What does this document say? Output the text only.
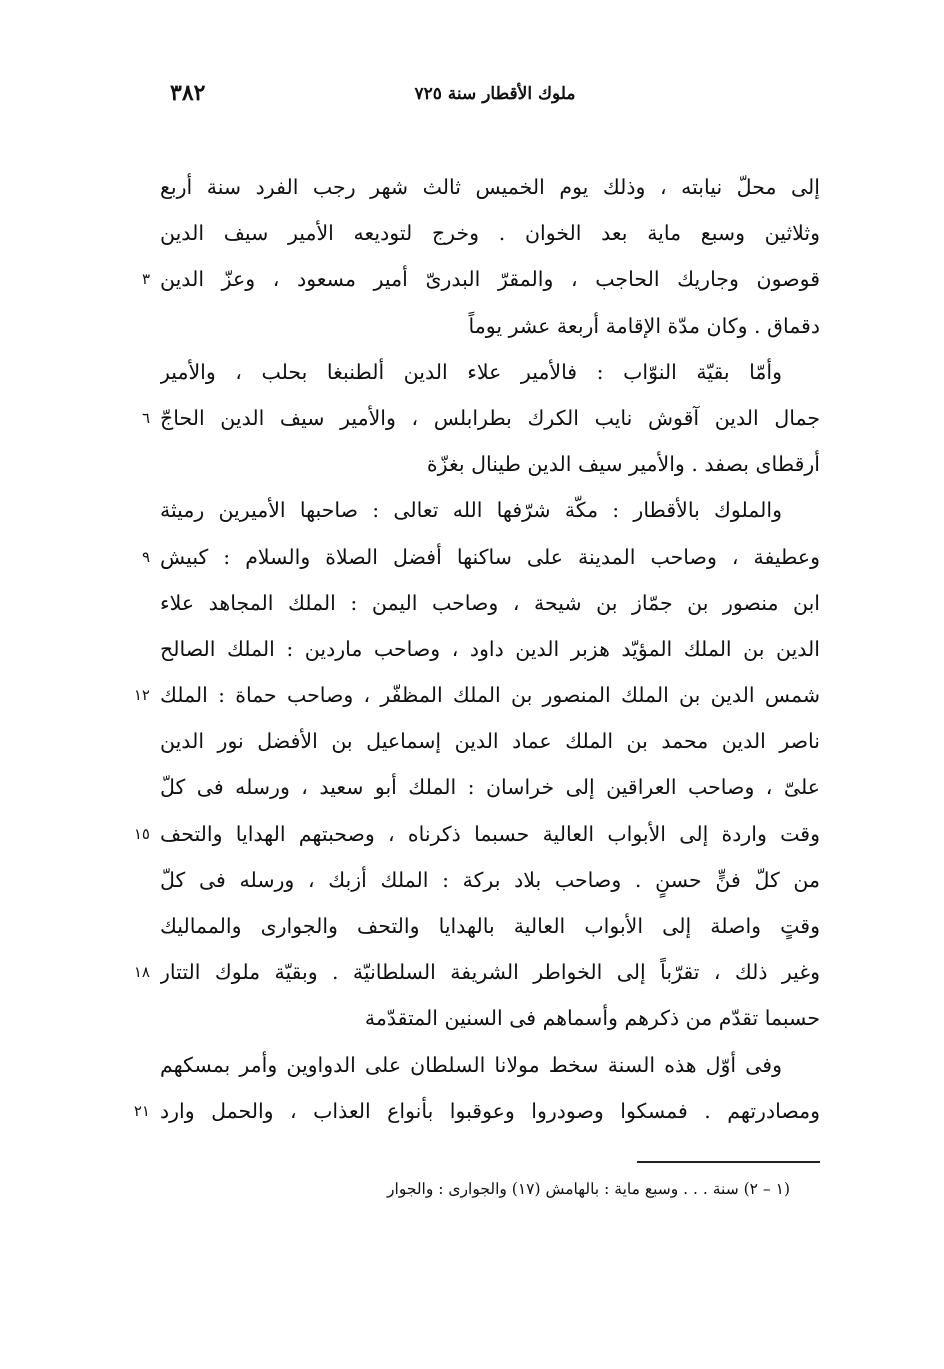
ملوك الأقطار سنة ٧٢٥
٣٨٢
إلى محلّ نيابته ، وذلك يوم الخميس ثالث شهر رجب الفرد سنة أربع
وثلاثين وسبع ماية بعد الخوان . وخرج لتوديعه الأمير سيف الدين
قوصون وجاريك الحاجب ، والمقرّ البدرىّ أمير مسعود ، وعزّ الدين
دقماق . وكان مدّة الإقامة أربعة عشر يوماً
وأمّا بقيّة النوّاب : فالأمير علاء الدين ألطنبغا بحلب ، والأمير
جمال الدين آقوش نايب الكرك بطرابلس ، والأمير سيف الدين الحاجّ
أرقطاى بصفد . والأمير سيف الدين طينال بغزّة
والملوك بالأقطار : مكّة شرّفها الله تعالى : صاحبها الأميرين رميثة
وعطيفة ، وصاحب المدينة على ساكنها أفضل الصلاة والسلام : كبيش
ابن منصور بن جمّاز بن شيحة ، وصاحب اليمن : الملك المجاهد علاء
الدين بن الملك المؤيّد هزبر الدين داود ، وصاحب ماردين : الملك الصالح
شمس الدين بن الملك المنصور بن الملك المظفّر ، وصاحب حماة : الملك
ناصر الدين محمد بن الملك عماد الدين إسماعيل بن الأفضل نور الدين
علىّ ، وصاحب العراقين إلى خراسان : الملك أبو سعيد ، ورسله فى كلّ
وقت واردة إلى الأبواب العالية حسبما ذكرناه ، وصحبتهم الهدايا والتحف
من كلّ فنٍّ حسنٍ . وصاحب بلاد بركة : الملك أزبك ، ورسله فى كلّ
وقتٍ واصلة إلى الأبواب العالية بالهدايا والتحف والجوارى والمماليك
وغير ذلك ، تقرّباً إلى الخواطر الشريفة السلطانيّة . وبقيّة ملوك التتار
حسبما تقدّم من ذكرهم وأسماهم فى السنين المتقدّمة
وفى أوّل هذه السنة سخط مولانا السلطان على الدواوين وأمر بمسكهم
ومصادرتهم . فمسكوا وصودروا وعوقبوا بأنواع العذاب ، والحمل وارد
٣
٦
٩
١٢
١٥
١٨
٢١
(١ – ٢) سنة . . . وسبع ماية : بالهامش (١٧) والجوارى : والجوار
